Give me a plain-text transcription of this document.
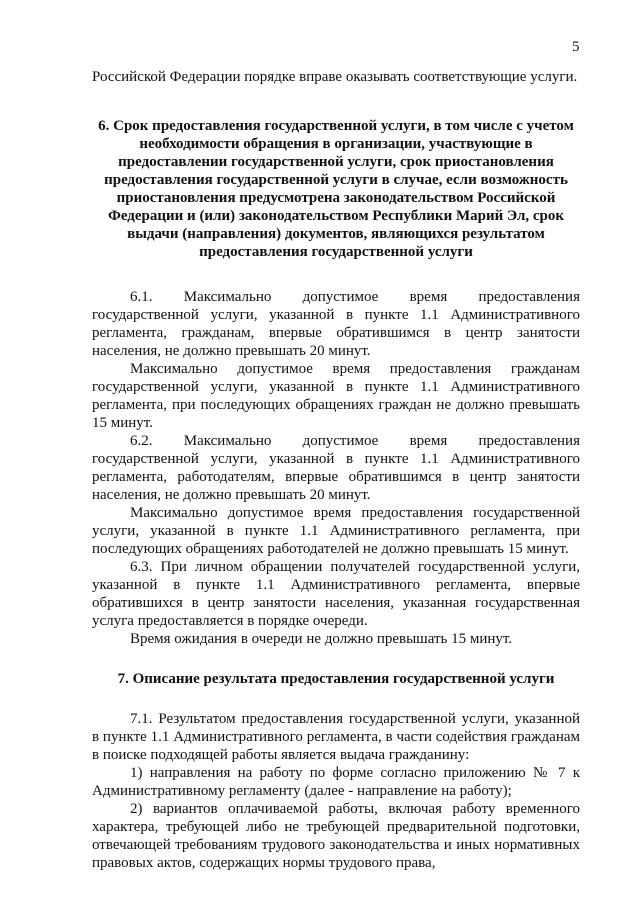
5

Российской Федерации порядке вправе оказывать соответствующие услуги.

6. Срок предоставления государственной услуги, в том числе с учетом необходимости обращения в организации, участвующие в предоставлении государственной услуги, срок приостановления предоставления государственной услуги в случае, если возможность приостановления предусмотрена законодательством Российской Федерации и (или) законодательством Республики Марий Эл, срок выдачи (направления) документов, являющихся результатом предоставления государственной услуги

6.1. Максимально допустимое время предоставления государственной услуги, указанной в пункте 1.1 Административного регламента, гражданам, впервые обратившимся в центр занятости населения, не должно превышать 20 минут.

Максимально допустимое время предоставления гражданам государственной услуги, указанной в пункте 1.1 Административного регламента, при последующих обращениях граждан не должно превышать 15 минут.

6.2. Максимально допустимое время предоставления государственной услуги, указанной в пункте 1.1 Административного регламента, работодателям, впервые обратившимся в центр занятости населения, не должно превышать 20 минут.

Максимально допустимое время предоставления государственной услуги, указанной в пункте 1.1 Административного регламента, при последующих обращениях работодателей не должно превышать 15 минут.

6.3. При личном обращении получателей государственной услуги, указанной в пункте 1.1 Административного регламента, впервые обратившихся в центр занятости населения, указанная государственная услуга предоставляется в порядке очереди.

Время ожидания в очереди не должно превышать 15 минут.

7. Описание результата предоставления государственной услуги

7.1. Результатом предоставления государственной услуги, указанной в пункте 1.1 Административного регламента, в части содействия гражданам в поиске подходящей работы является выдача гражданину:

1) направления на работу по форме согласно приложению № 7 к Административному регламенту (далее - направление на работу);

2) вариантов оплачиваемой работы, включая работу временного характера, требующей либо не требующей предварительной подготовки, отвечающей требованиям трудового законодательства и иных нормативных правовых актов, содержащих нормы трудового права,
